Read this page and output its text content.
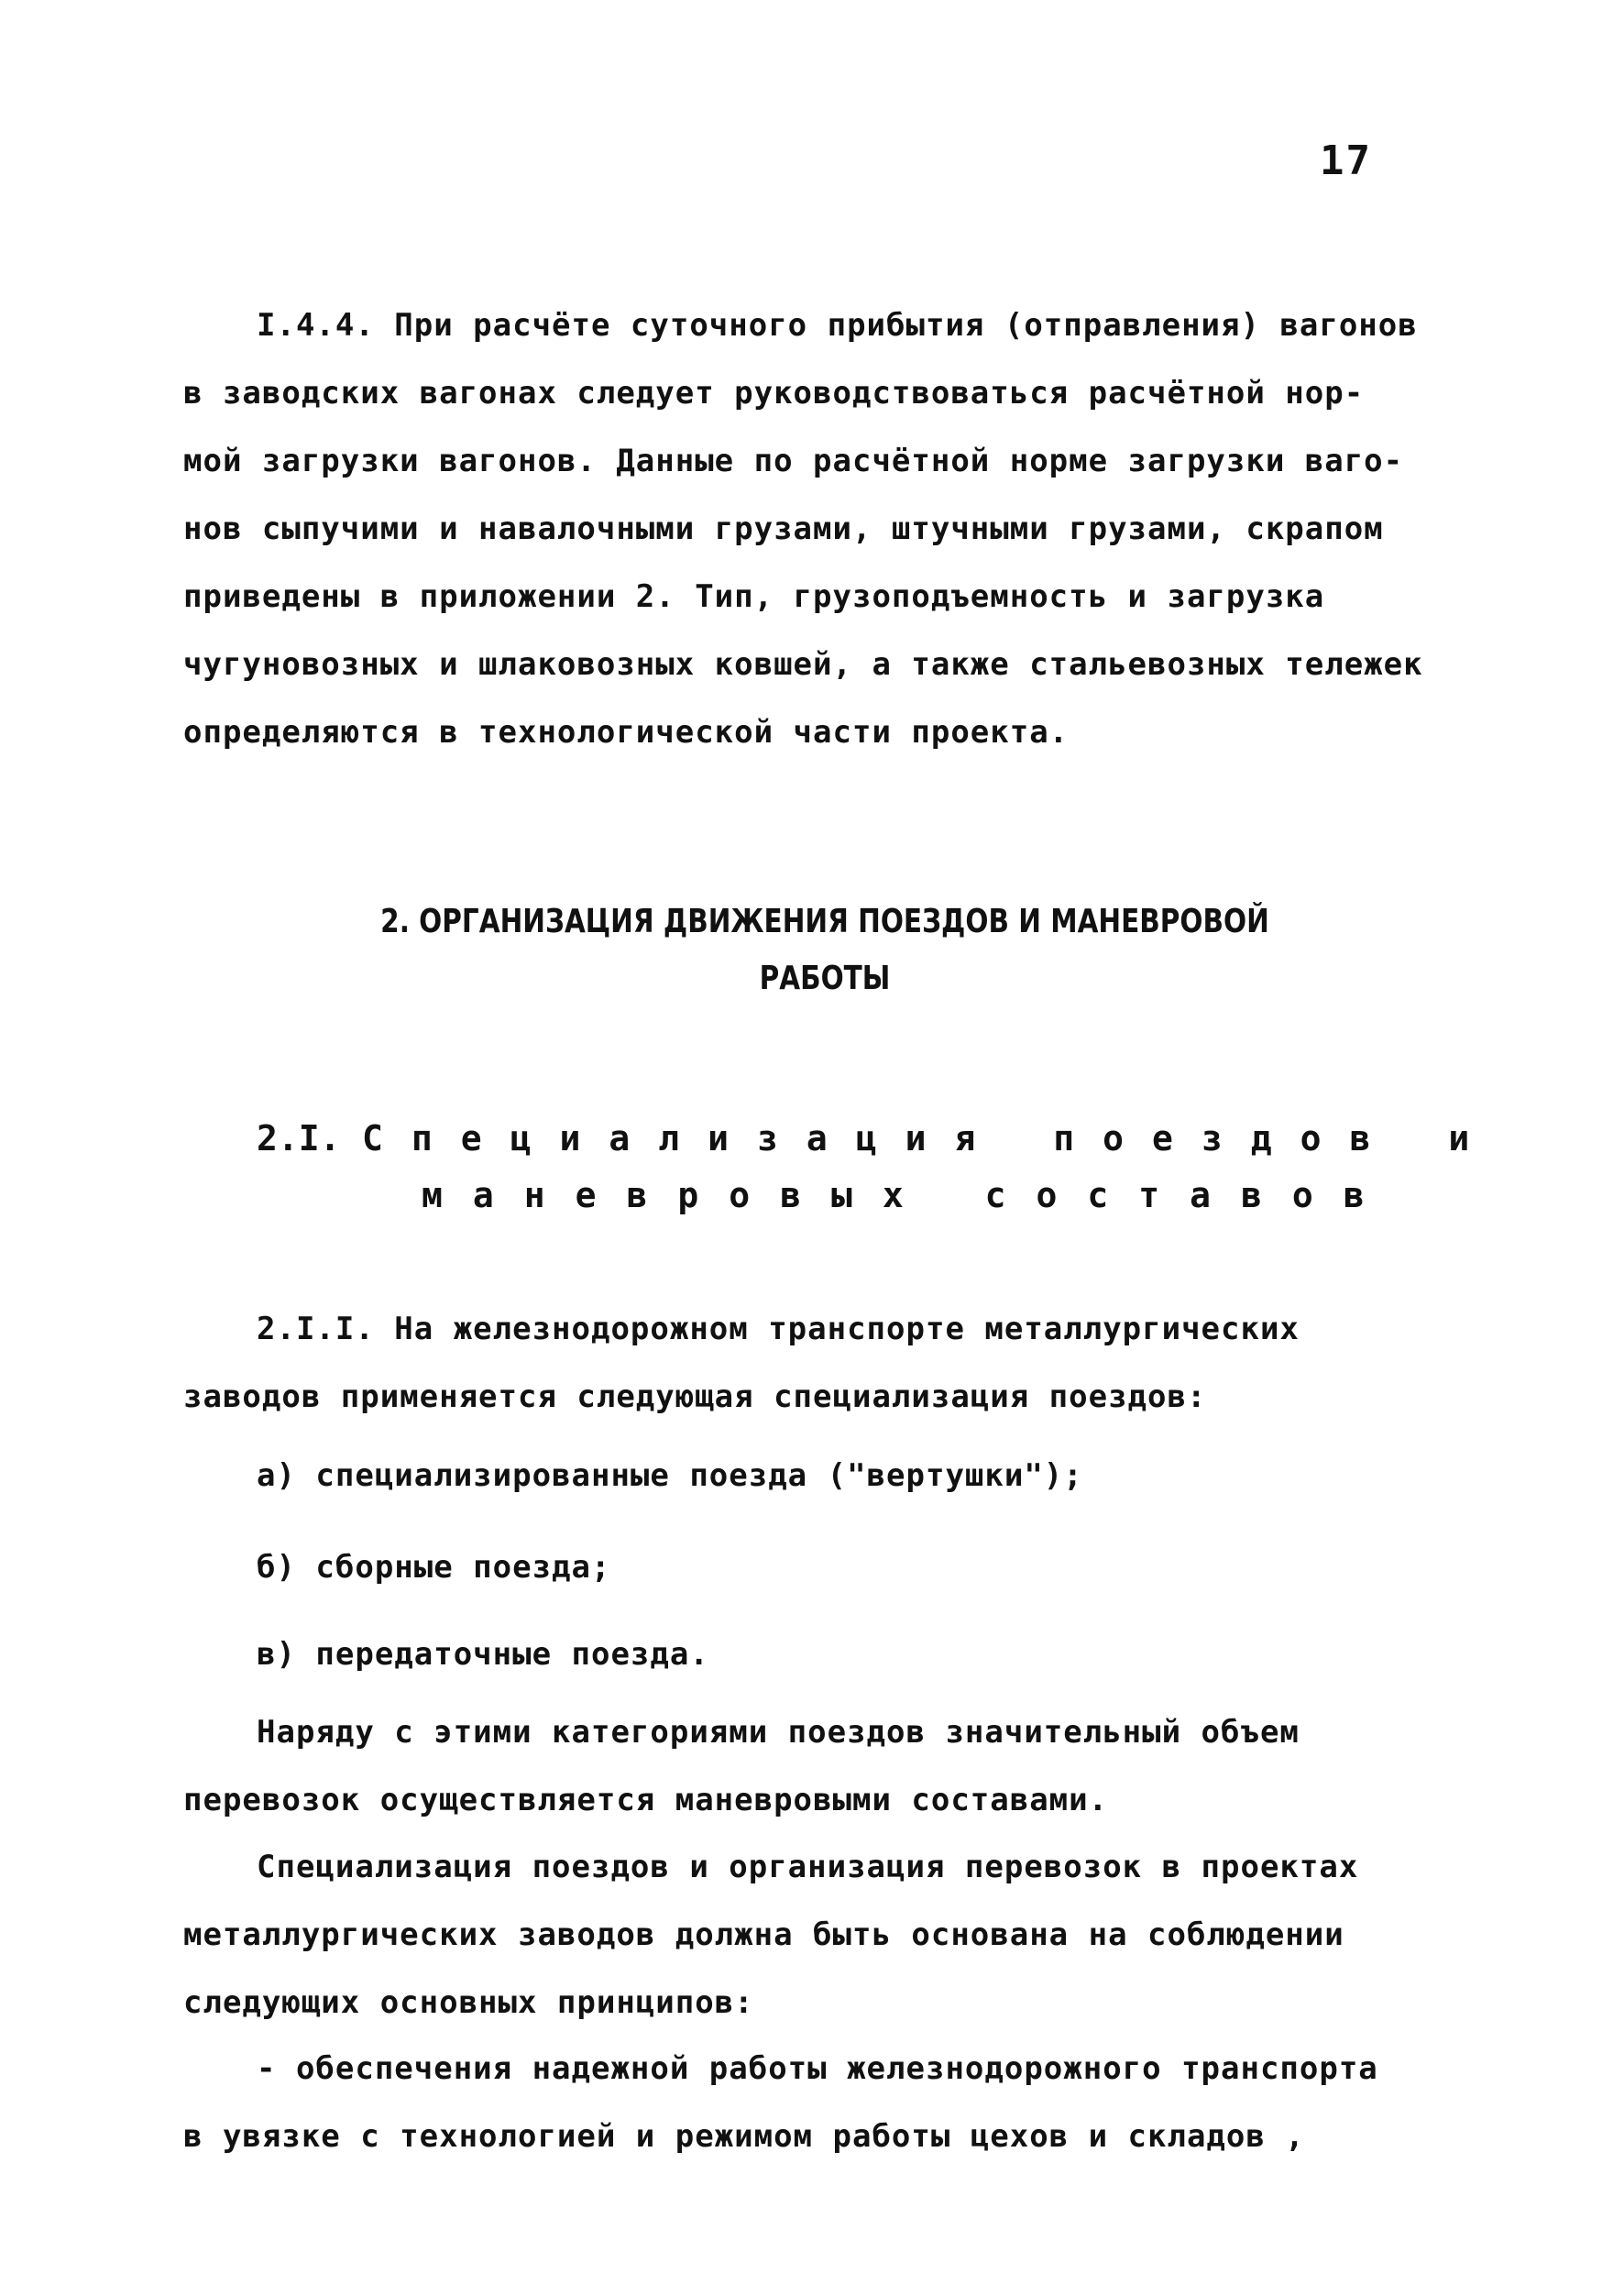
17
I.4.4. При расчёте суточного прибытия (отправления) вагонов
в заводских вагонах следует руководствоваться расчётной нор-
мой загрузки вагонов. Данные по расчётной норме загрузки ваго-
нов сыпучими и навалочными грузами, штучными грузами, скрапом
приведены в приложении 2. Тип, грузоподъемность и загрузка
чугуновозных и шлаковозных ковшей, а также стальевозных тележек
определяются в технологической части проекта.
2. ОРГАНИЗАЦИЯ ДВИЖЕНИЯ ПОЕЗДОВ И МАНЕВРОВОЙ
РАБОТЫ
2.I. Специализация поездов и
маневровых составов
2.I.I. На железнодорожном транспорте металлургических
заводов применяется следующая специализация поездов:
а) специализированные поезда ("вертушки");
б) сборные поезда;
в) передаточные поезда.
Наряду с этими категориями поездов значительный объем
перевозок осуществляется маневровыми составами.
Специализация поездов и организация перевозок в проектах
металлургических заводов должна быть основана на соблюдении
следующих основных принципов:
- обеспечения надежной работы железнодорожного транспорта
в увязке с технологией и режимом работы цехов и складов ,
